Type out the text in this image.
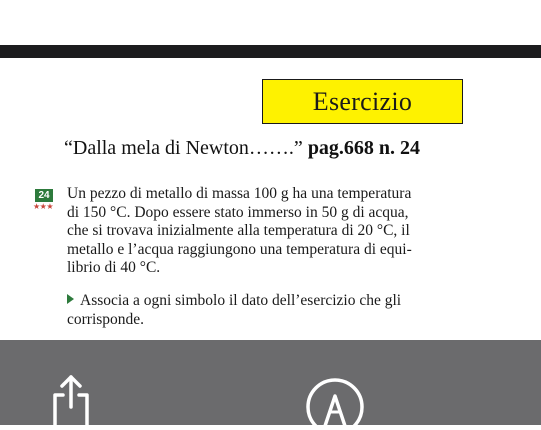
Esercizio
“Dalla mela di Newton…….” pag.668 n. 24
24
★★★
Un pezzo di metallo di massa 100 g ha una temperatura
di 150 °C. Dopo essere stato immerso in 50 g di acqua,
che si trovava inizialmente alla temperatura di 20 °C, il
metallo e l’acqua raggiungono una temperatura di equi-
librio di 40 °C.
Associa a ogni simbolo il dato dell’esercizio che gli
corrisponde.
